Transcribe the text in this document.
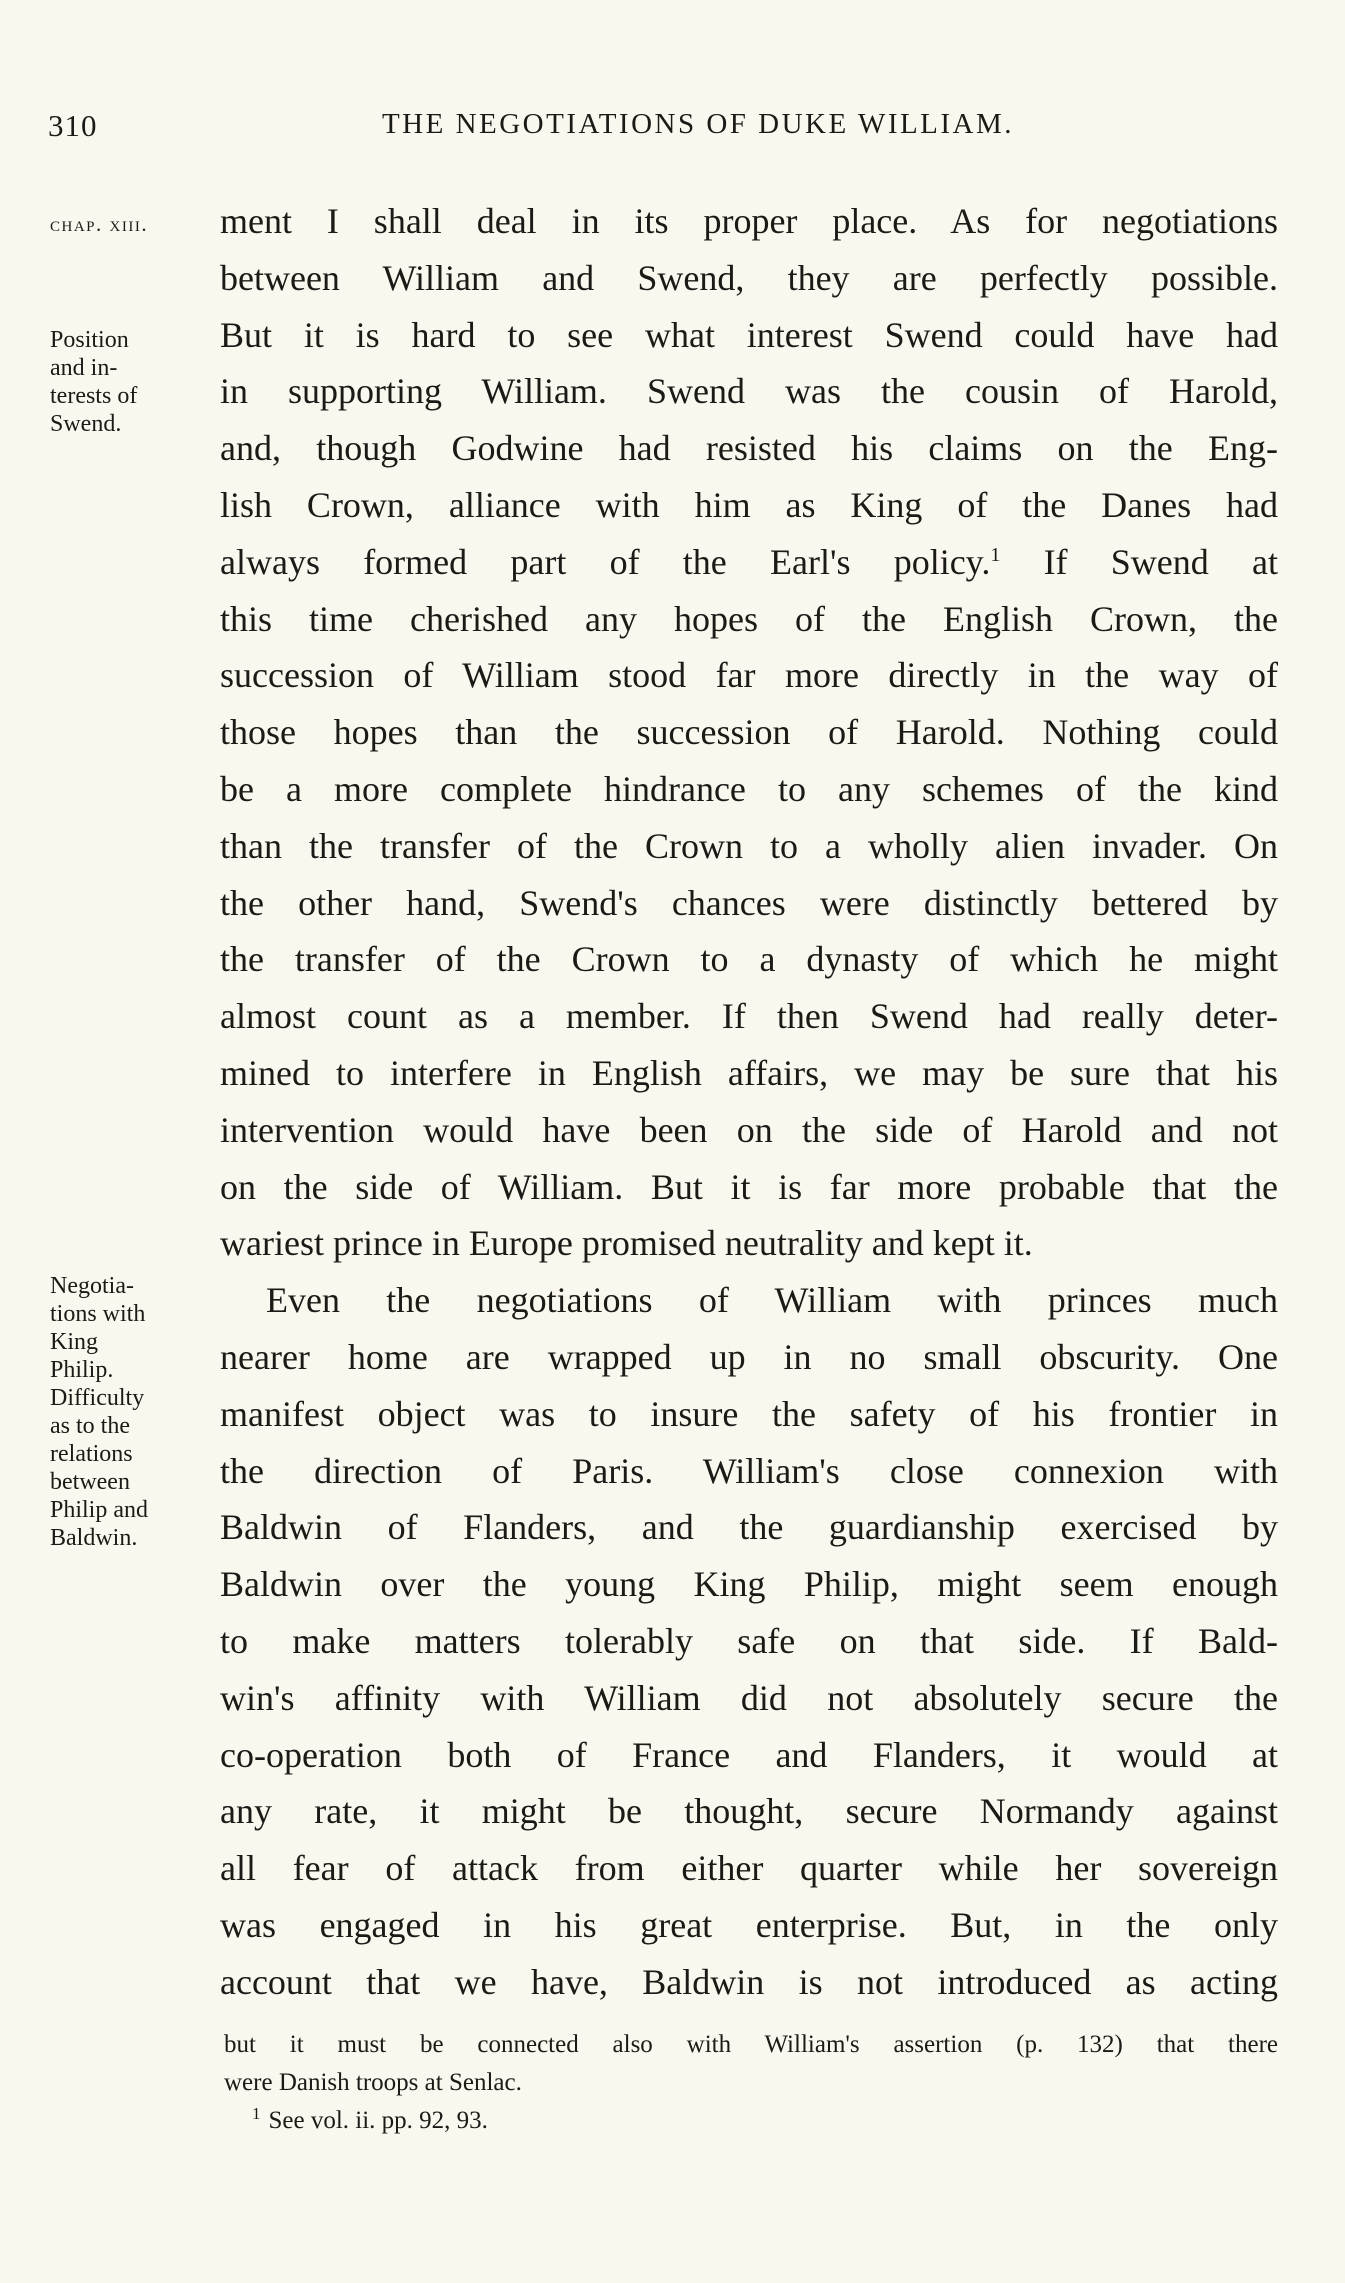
310	THE NEGOTIATIONS OF DUKE WILLIAM.
chap. xiii.
Position
and in-
terests of
Swend.
Negotia-
tions with
King
Philip.
Difficulty
as to the
relations
between
Philip and
Baldwin.
ment I shall deal in its proper place. As for negotiations
between William and Swend, they are perfectly possible.
But it is hard to see what interest Swend could have had
in supporting William. Swend was the cousin of Harold,
and, though Godwine had resisted his claims on the Eng-
lish Crown, alliance with him as King of the Danes had
always formed part of the Earl's policy.$^1$ If Swend at
this time cherished any hopes of the English Crown, the
succession of William stood far more directly in the way of
those hopes than the succession of Harold. Nothing could
be a more complete hindrance to any schemes of the kind
than the transfer of the Crown to a wholly alien invader. On
the other hand, Swend's chances were distinctly bettered by
the transfer of the Crown to a dynasty of which he might
almost count as a member. If then Swend had really deter-
mined to interfere in English affairs, we may be sure that his
intervention would have been on the side of Harold and not
on the side of William. But it is far more probable that the
wariest prince in Europe promised neutrality and kept it.
Even the negotiations of William with princes much
nearer home are wrapped up in no small obscurity. One
manifest object was to insure the safety of his frontier in
the direction of Paris. William's close connexion with
Baldwin of Flanders, and the guardianship exercised by
Baldwin over the young King Philip, might seem enough
to make matters tolerably safe on that side. If Bald-
win's affinity with William did not absolutely secure the
co-operation both of France and Flanders, it would at
any rate, it might be thought, secure Normandy against
all fear of attack from either quarter while her sovereign
was engaged in his great enterprise. But, in the only
account that we have, Baldwin is not introduced as acting
but it must be connected also with William's assertion (p. 132) that there
were Danish troops at Senlac.
$^1$ See vol. ii. pp. 92, 93.
